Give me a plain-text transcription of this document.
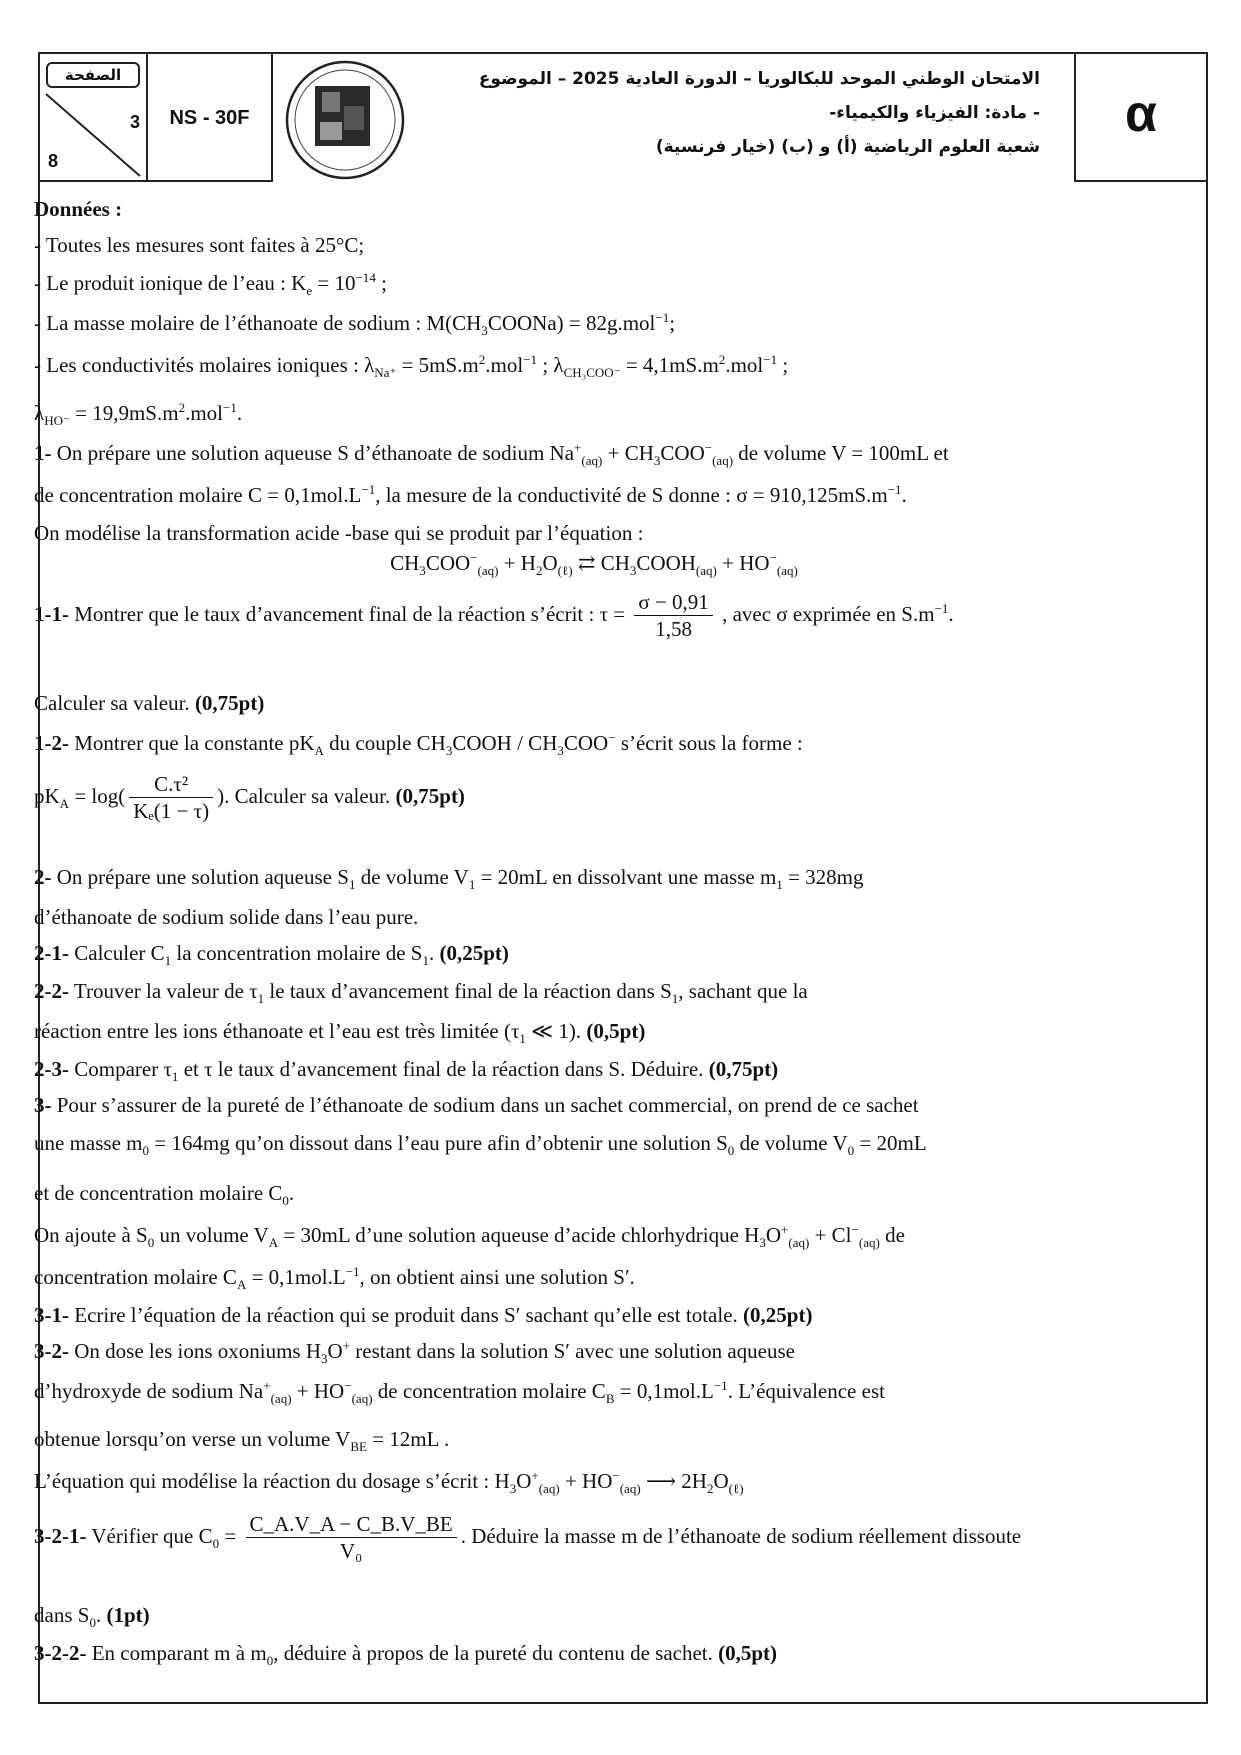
الصفحة
3
8
NS - 30F
الامتحان الوطني الموحد للبكالوريا – الدورة العادية 2025 – الموضوع
- مادة: الفيزياء والكيمياء-
شعبة العلوم الرياضية (أ) و (ب) (خيار فرنسية)
α
Données :
- Toutes les mesures sont faites à 25°C;
- Le produit ionique de l’eau : $K_e = 10^{-14}$ ;
- La masse molaire de l’éthanoate de sodium : $M(CH_3COONa) = 82g.mol^{-1}$;
- Les conductivités molaires ioniques : $\lambda_{Na^+} = 5mS.m^2.mol^{-1}$ ; $\lambda_{CH_3COO^-} = 4,1mS.m^2.mol^{-1}$ ;
$\lambda_{HO^-} = 19,9mS.m^2.mol^{-1}$.
1- On prépare une solution aqueuse S d’éthanoate de sodium $Na^+_{(aq)} + CH_3COO^-_{(aq)}$ de volume V = 100mL et
de concentration molaire $C = 0,1mol.L^{-1}$, la mesure de la conductivité de S donne : $\sigma = 910,125mS.m^{-1}$.
On modélise la transformation acide -base qui se produit par l’équation :
$CH_3COO^-_{(aq)} + H_2O_{(\ell)}$ ⇄ $CH_3COOH_{(aq)} + HO^-_{(aq)}$
1-1- Montrer que le taux d’avancement final de la réaction s’écrit : $\tau = \frac{\sigma - 0,91}{1,58}$ , avec σ exprimée en $S.m^{-1}$.
Calculer sa valeur. (0,75pt)
1-2- Montrer que la constante $pK_A$ du couple $CH_3COOH / CH_3COO^-$ s’écrit sous la forme :
$pK_A = \log( \frac{\text{C.τ²}}{\text{Kₑ(1 − τ)}}$ ). Calculer sa valeur. (0,75pt)
2- On prépare une solution aqueuse $S_1$ de volume $V_1 = 20mL$ en dissolvant une masse $m_1 = 328mg$
d’éthanoate de sodium solide dans l’eau pure.
2-1- Calculer $C_1$ la concentration molaire de $S_1$. (0,25pt)
2-2- Trouver la valeur de $\tau_1$ le taux d’avancement final de la réaction dans $S_1$, sachant que la
réaction entre les ions éthanoate et l’eau est très limitée ($\tau_1$ ≪ 1). (0,5pt)
2-3- Comparer $\tau_1$ et τ le taux d’avancement final de la réaction dans S. Déduire. (0,75pt)
3- Pour s’assurer de la pureté de l’éthanoate de sodium dans un sachet commercial, on prend de ce sachet
une masse $m_0 = 164mg$ qu’on dissout dans l’eau pure afin d’obtenir une solution $S_0$ de volume $V_0 = 20mL$
et de concentration molaire $C_0$.
On ajoute à $S_0$ un volume $V_A = 30mL$ d’une solution aqueuse d’acide chlorhydrique $H_3O^+_{(aq)} + Cl^-_{(aq)}$ de
concentration molaire $C_A = 0,1mol.L^{-1}$, on obtient ainsi une solution S′.
3-1- Ecrire l’équation de la réaction qui se produit dans S′ sachant qu’elle est totale. (0,25pt)
3-2- On dose les ions oxoniums $H_3O^+$ restant dans la solution S′ avec une solution aqueuse
d’hydroxyde de sodium $Na^+_{(aq)} + HO^-_{(aq)}$ de concentration molaire $C_B = 0,1mol.L^{-1}$. L’équivalence est
obtenue lorsqu’on verse un volume $V_{BE} = 12mL$ .
L’équation qui modélise la réaction du dosage s’écrit : $H_3O^+_{(aq)} + HO^-_{(aq)}$ ⟶ $2H_2O_{(\ell)}$
3-2-1- Vérifier que $C_0 = \frac{C\_A.V\_A - C\_B.V\_BE}{\text{V₀}}$ . Déduire la masse m de l’éthanoate de sodium réellement dissoute
dans $S_0$. (1pt)
3-2-2- En comparant m à $m_0$, déduire à propos de la pureté du contenu de sachet. (0,5pt)
